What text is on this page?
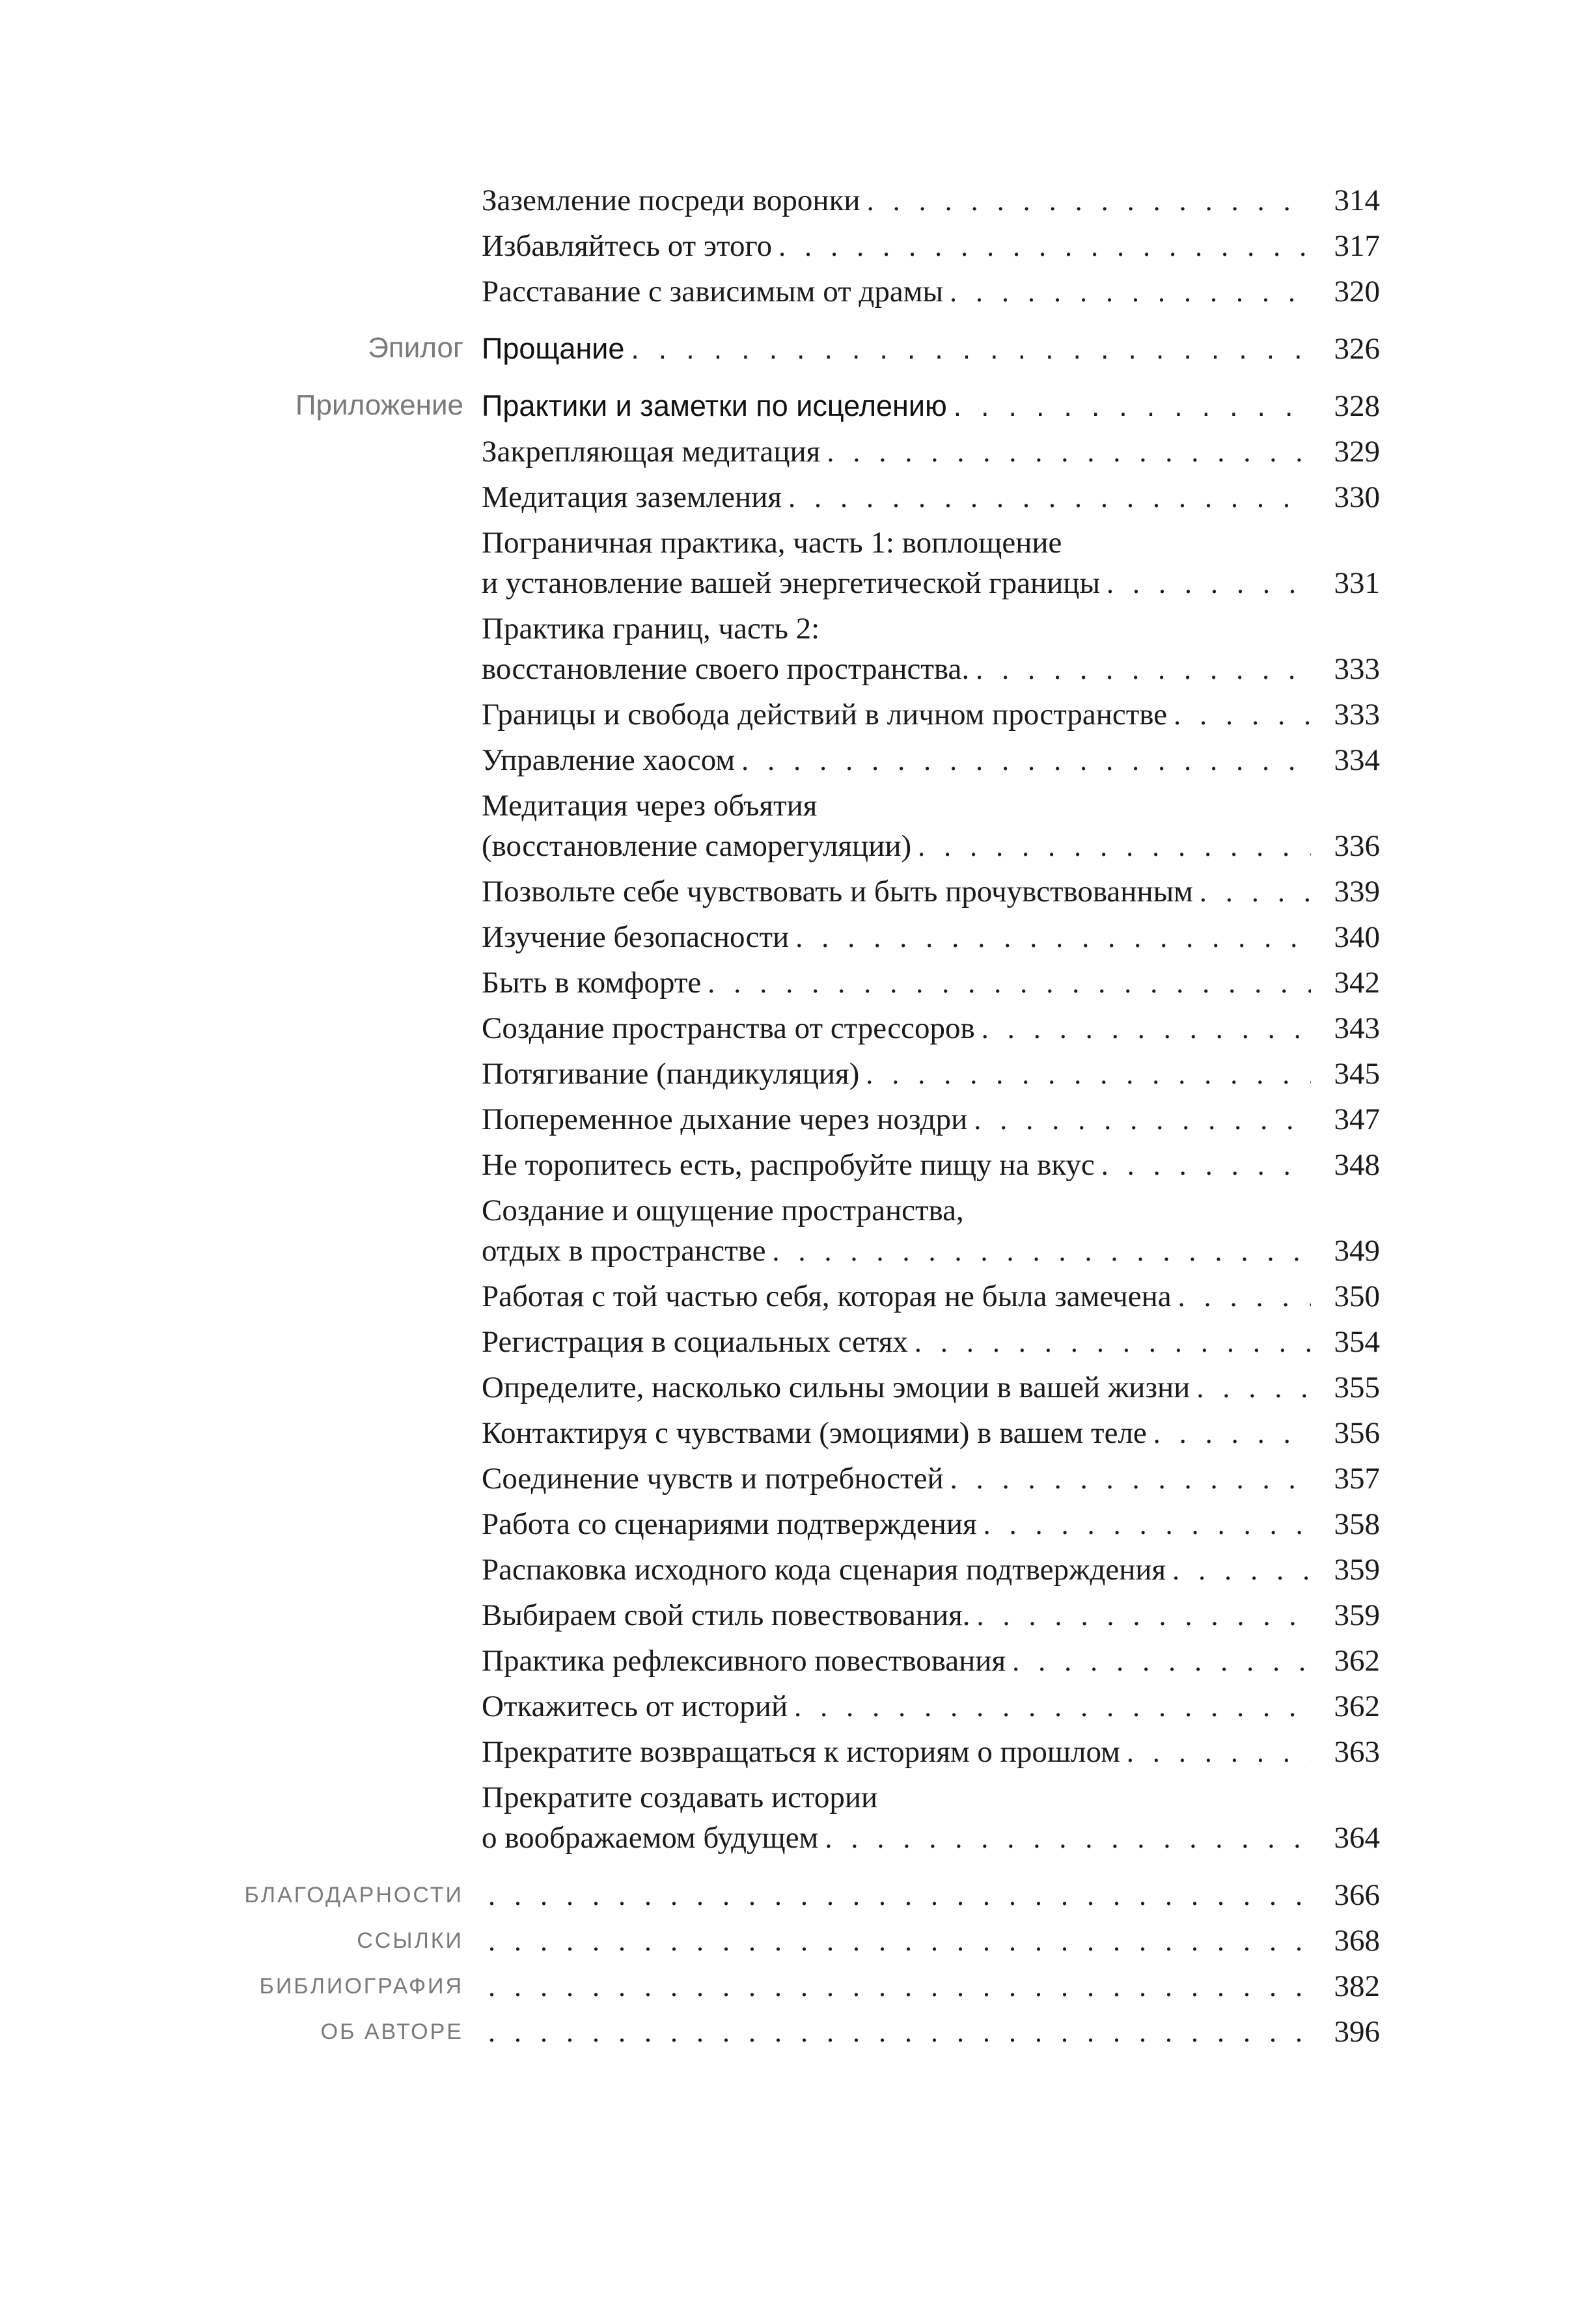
Заземление посреди воронки . . .	314
Избавляйтесь от этого . . .	317
Расставание с зависимым от драмы . . .	320
Эпилог Прощание . . .	326
Приложение Практики и заметки по исцелению . . .	328
Закрепляющая медитация . . .	329
Медитация заземления . . .	330
Пограничная практика, часть 1: воплощение
и установление вашей энергетической границы . . .	331
Практика границ, часть 2:
восстановление своего пространства. . . .	333
Границы и свобода действий в личном пространстве . . .	333
Управление хаосом . . .	334
Медитация через объятия
(восстановление саморегуляции) . . .	336
Позвольте себе чувствовать и быть прочувствованным . . .	339
Изучение безопасности . . .	340
Быть в комфорте . . .	342
Создание пространства от стрессоров . . .	343
Потягивание (пандикуляция) . . .	345
Попеременное дыхание через ноздри . . .	347
Не торопитесь есть, распробуйте пищу на вкус . . .	348
Создание и ощущение пространства,
отдых в пространстве . . .	349
Работая с той частью себя, которая не была замечена . . .	350
Регистрация в социальных сетях . . .	354
Определите, насколько сильны эмоции в вашей жизни . . .	355
Контактируя с чувствами (эмоциями) в вашем теле . . .	356
Соединение чувств и потребностей . . .	357
Работа со сценариями подтверждения . . .	358
Распаковка исходного кода сценария подтверждения . . .	359
Выбираем свой стиль повествования. . . .	359
Практика рефлексивного повествования . . .	362
Откажитесь от историй . . .	362
Прекратите возвращаться к историям о прошлом . . .	363
Прекратите создавать истории
о воображаемом будущем . . .	364
БЛАГОДАРНОСТИ . . .	366
ССЫЛКИ . . .	368
БИБЛИОГРАФИЯ . . .	382
ОБ АВТОРЕ . . .	396
